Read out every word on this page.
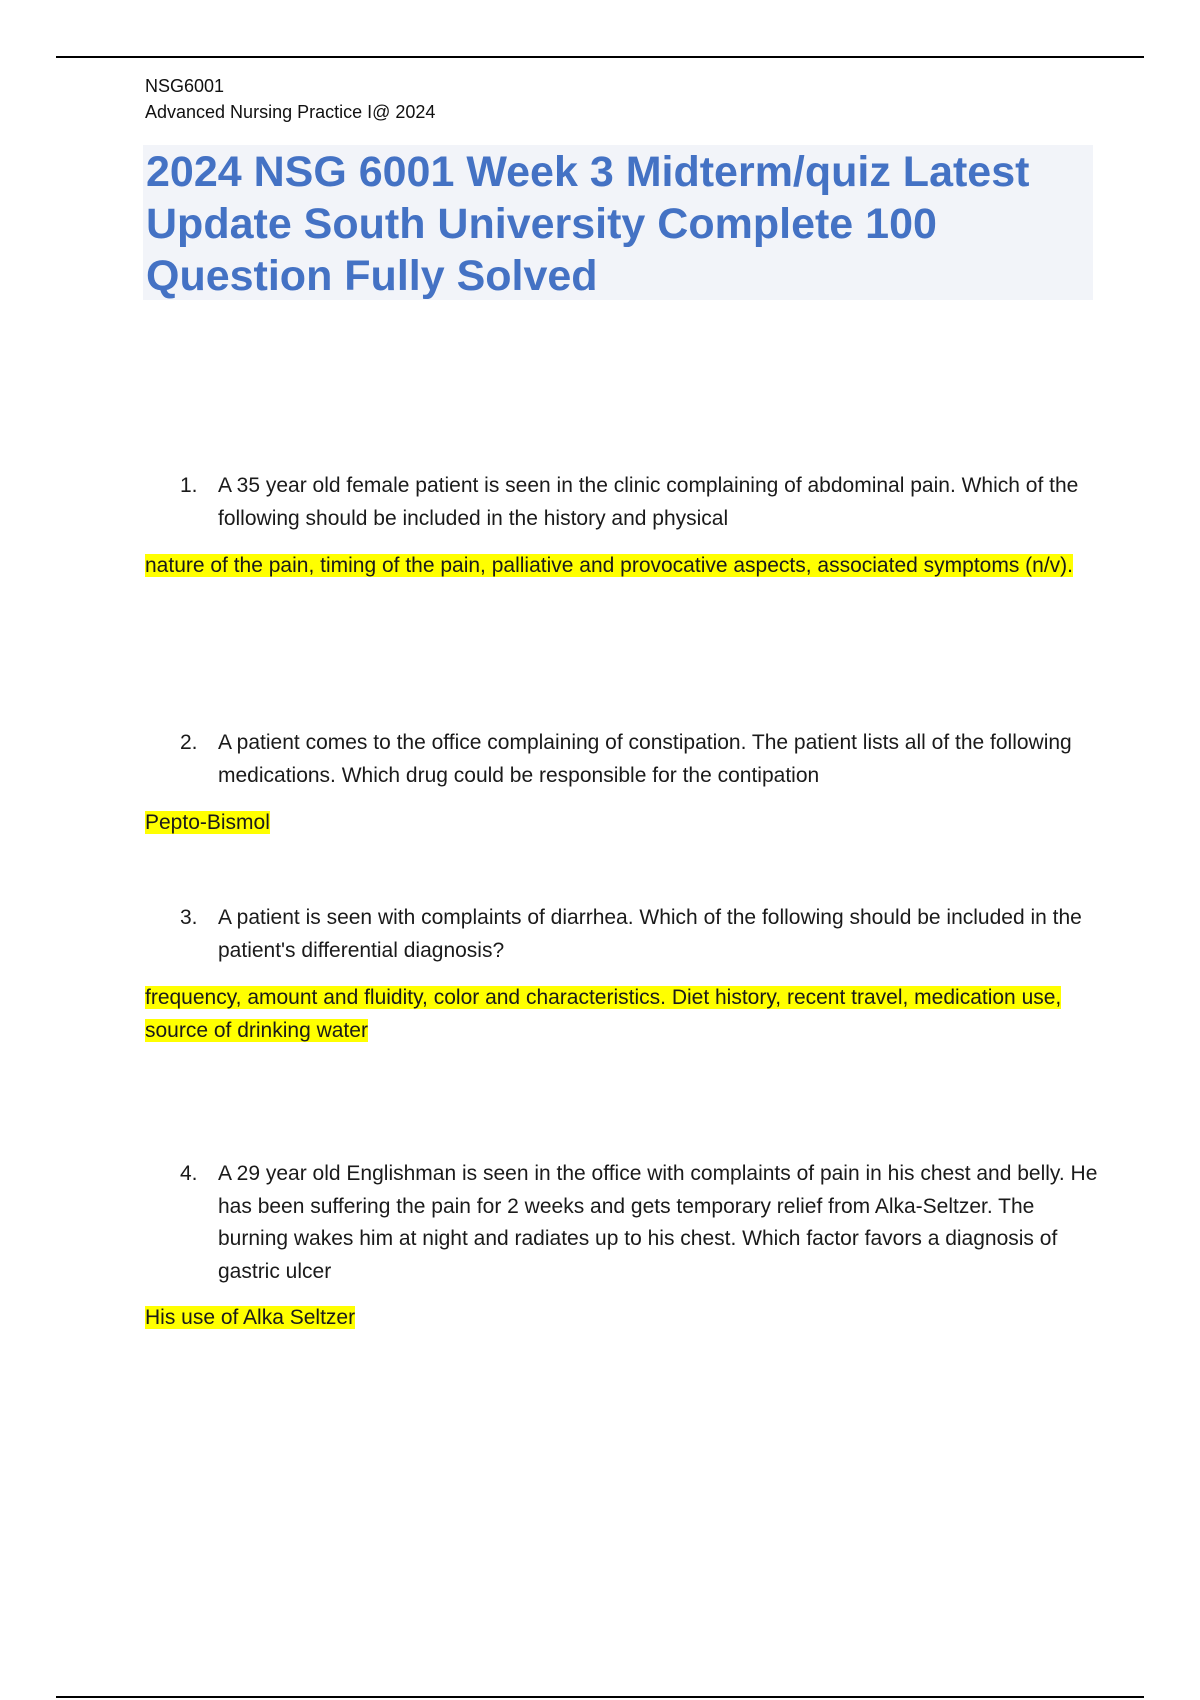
NSG6001
Advanced Nursing Practice I@ 2024
2024 NSG 6001 Week 3 Midterm/quiz Latest Update South University Complete 100 Question Fully Solved
1. A 35 year old female patient is seen in the clinic complaining of abdominal pain. Which of the following should be included in the history and physical
nature of the pain, timing of the pain, palliative and provocative aspects, associated symptoms (n/v).
2. A patient comes to the office complaining of constipation. The patient lists all of the following medications. Which drug could be responsible for the contipation
Pepto-Bismol
3. A patient is seen with complaints of diarrhea. Which of the following should be included in the patient's differential diagnosis?
frequency, amount and fluidity, color and characteristics. Diet history, recent travel, medication use, source of drinking water
4. A 29 year old Englishman is seen in the office with complaints of pain in his chest and belly. He has been suffering the pain for 2 weeks and gets temporary relief from Alka-Seltzer. The burning wakes him at night and radiates up to his chest. Which factor favors a diagnosis of gastric ulcer
His use of Alka Seltzer
